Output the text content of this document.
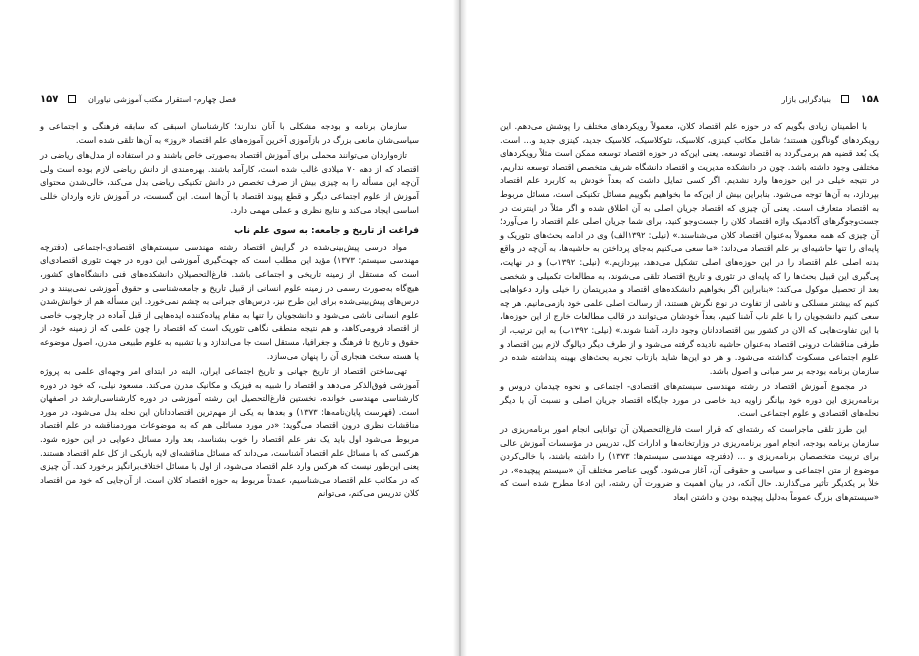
۱۵۷	فصل چهارم- استقرار مکتب آموزشی نیاوران

سازمان برنامه و بودجه مشکلی با آنان ندارند؛ کارشناسان اسبقی که سابقه فرهنگی و اجتماعی و سیاسی‌شان مانعی بزرگ در بازآموزی آخرین آموزه‌های علم اقتصاد «روز» به آن‌ها تلقی شده است.

تازه‌واردان می‌توانند محملی برای آموزش اقتصاد به‌صورتی خاص باشند و در استفاده از مدل‌های ریاضی در اقتصاد که از دهه ۷۰ میلادی غالب شده است، کارآمد باشند. بهره‌مندی از دانش ریاضی لازم بوده است ولی آن‌چه این مسأله را به چیزی بیش از صرف تخصص در دانش تکنیکی ریاضی بدل می‌کند، خالی‌شدن محتوای آموزش از علوم اجتماعی دیگر و قطع پیوند اقتصاد با آن‌ها است. این گسست، در آموزش تازه واردان خللی اساسی ایجاد می‌کند و نتایج نظری و عملی مهمی دارد.

فراغت از تاریخ و جامعه: به سوی علم ناب

مواد درسی پیش‌بینی‌شده در گرایش اقتصاد رشته مهندسی سیستم‌های اقتصادی-اجتماعی (دفترچه مهندسی سیستم: ۱۳۷۳) مؤید این مطلب است که جهت‌گیری آموزشی این دوره در جهت تئوری اقتصادی‌ای است که مستقل از زمینه تاریخی و اجتماعی باشد. فارغ‌التحصیلان دانشکده‌های فنی دانشگاه‌های کشور، هیچ‌گاه به‌صورت رسمی در زمینه علوم انسانی از قبیل تاریخ و جامعه‌شناسی و حقوق آموزشی نمی‌بینند و در درس‌های پیش‌بینی‌شده برای این طرح نیز، درس‌های جبرانی به چشم نمی‌خورد. این مسأله هم از خوانش‌شدن علوم انسانی ناشی می‌شود و دانشجویان را تنها به مقام پیاده‌کننده ایده‌هایی از قبل آماده در چارچوب خاصی از اقتصاد فرومی‌کاهد، و هم نتیجه منطقی نگاهی تئوریک است که اقتصاد را چون علمی که از زمینه خود، از حقوق و تاریخ تا فرهنگ و جغرافیا، مستقل است جا می‌اندازد و با تشبیه به علوم طبیعی مدرن، اصول موضوعه یا هسته سخت هنجاری آن را پنهان می‌سازد.

تهی‌ساختن اقتصاد از تاریخ جهانی و تاریخ اجتماعی ایران، البته در ابتدای امر وجهه‌ای علمی به پروژه آموزشی فوق‌الذکر می‌دهد و اقتصاد را شبیه به فیزیک و مکانیک مدرن می‌کند. مسعود نیلی، که خود در دوره کارشناسی مهندسی خوانده، نخستین فارغ‌التحصیل این رشته آموزشی در دوره کارشناسی‌ارشد در اصفهان است. (فهرست پایان‌نامه‌ها: ۱۳۷۳) و بعدها به یکی از مهم‌ترین اقتصاددانان این نحله بدل می‌شود، در مورد مناقشات نظری درون اقتصاد می‌گوید: «در مورد مسائلی هم که به موضوعات مورد‌مناقشه در علم اقتصاد مربوط می‌شود اول باید یک نفر علم اقتصاد را خوب بشناسد، بعد وارد مسائل دعوایی در این حوزه شود. هرکسی که با مسائل علم اقتصاد آشناست، می‌داند که مسائل مناقشه‌ای لایه باریکی از کل علم اقتصاد هستند. یعنی این‌طور نیست که هرکس وارد علم اقتصاد می‌شود، از اول با مسائل اختلاف‌برانگیز برخورد کند. آن چیزی که در مکاتب علم اقتصاد می‌شناسیم، عمدتاً مربوط به حوزه اقتصاد کلان است. از آن‌جایی که خود من اقتصاد کلان تدریس می‌کنم، می‌توانم

۱۵۸
بنیادگرایی بازار

با اطمینان زیادی بگویم که در حوزه علم اقتصاد کلان، معمولاً رویکردهای مختلف را پوشش می‌دهم. این رویکردهای گوناگون هستند؛ شامل مکاتب کینزی، کلاسیک، نئوکلاسیک، کلاسیک جدید، کینزی جدید و... است. یک بُعد قضیه هم برمی‌گردد به اقتصاد توسعه. یعنی این‌که در حوزه اقتصاد توسعه ممکن است مثلاً رویکردهای مختلفی وجود داشته باشد. چون در دانشکده مدیریت و اقتصاد دانشگاه شریف متخصص اقتصاد توسعه نداریم، در نتیجه خیلی در این حوزه‌ها وارد نشدیم. اگر کسی تمایل داشت که بعداً خودش به کاربرد علم اقتصاد بپردازد، به آن‌ها توجه می‌شود. بنابراین بیش از این‌که ما بخواهیم بگوییم مسائل تکنیکی است، مسائل مربوط به اقتصاد متعارف است. یعنی آن چیزی که اقتصاد جریان اصلی به آن اطلاق شده و اگر مثلاً در اینترنت در جست‌وجوگرهای آکادمیک واژه اقتصاد کلان را جست‌وجو کنید، برای شما جریان اصلی علم اقتصاد را می‌آورد؛ آن چیزی که همه معمولاً به‌عنوان اقتصاد کلان می‌شناسند.» (نیلی: ۱۳۹۲الف) وی در ادامه بحث‌های تئوریک و پایه‌ای را تنها حاشیه‌ای بر علم اقتصاد می‌داند: «ما سعی می‌کنیم به‌جای پرداختن به حاشیه‌ها، به آن‌چه در واقع بدنه اصلی علم اقتصاد را در این حوزه‌های اصلی تشکیل می‌دهد، بپردازیم.» (نیلی: ۱۳۹۲ب) و در نهایت، پی‌گیری این قبیل بحث‌ها را که پایه‌ای در تئوری و تاریخ اقتصاد تلقی می‌شوند، به مطالعات تکمیلی و شخصی بعد از تحصیل موکول می‌کند: «بنابراین اگر بخواهیم دانشکده‌های اقتصاد و مدیریتمان را خیلی وارد دعواهایی کنیم که بیشتر مسلکی و ناشی از تفاوت در نوع نگرش هستند، از رسالت اصلی علمی خود بازمی‌مانیم. هر چه سعی کنیم دانشجویان را با علم ناب آشنا کنیم، بعداً خودشان می‌توانند در قالب مطالعات خارج از این حوزه‌ها، با این تفاوت‌هایی که الان در کشور بین اقتصاددانان وجود دارد، آشنا شوند.» (نیلی: ۱۳۹۲ب) به این ترتیب، از طرفی مناقشات درونی اقتصاد به‌عنوان حاشیه نادیده گرفته می‌شود و از طرف دیگر دیالوگ لازم بین اقتصاد و علوم اجتماعی مسکوت گذاشته می‌شود. و هر دو این‌ها شاید بازتاب تجربه بحث‌های بهینه پنداشته شده در سازمان برنامه بودجه بر سر مبانی و اصول باشد.

در مجموع آموزش اقتصاد در رشته مهندسی سیستم‌های اقتصادی- اجتماعی و نحوه چیدمان دروس و برنامه‌ریزی این دوره خود بیانگر زاویه دید خاصی در مورد جایگاه اقتصاد جریان اصلی و نسبت آن با دیگر نحله‌های اقتصادی و علوم اجتماعی است.

این طرز تلقی ماجراست که رشته‌ای که قرار است فارغ‌التحصیلان آن توانایی انجام امور برنامه‌ریزی در سازمان برنامه بودجه، انجام امور برنامه‌ریزی در وزارتخانه‌ها و ادارات کل، تدریس در مؤسسات آموزش عالی برای تربیت متخصصان برنامه‌ریزی و ... (دفترچه مهندسی سیستم‌ها: ۱۳۷۳) را داشته باشند، با خالی‌کردن موضوع از متن اجتماعی و سیاسی و حقوقی آن، آغاز می‌شود. گویی عناصر مختلف آن «سیستم پیچیده»، در خلأ بر یکدیگر تأثیر می‌گذارند. حال آنکه، در بیان اهمیت و ضرورت آن رشته، این ادعا مطرح شده است که «سیستم‌های بزرگ عموماً به‌دلیل پیچیده بودن و داشتن ابعاد
